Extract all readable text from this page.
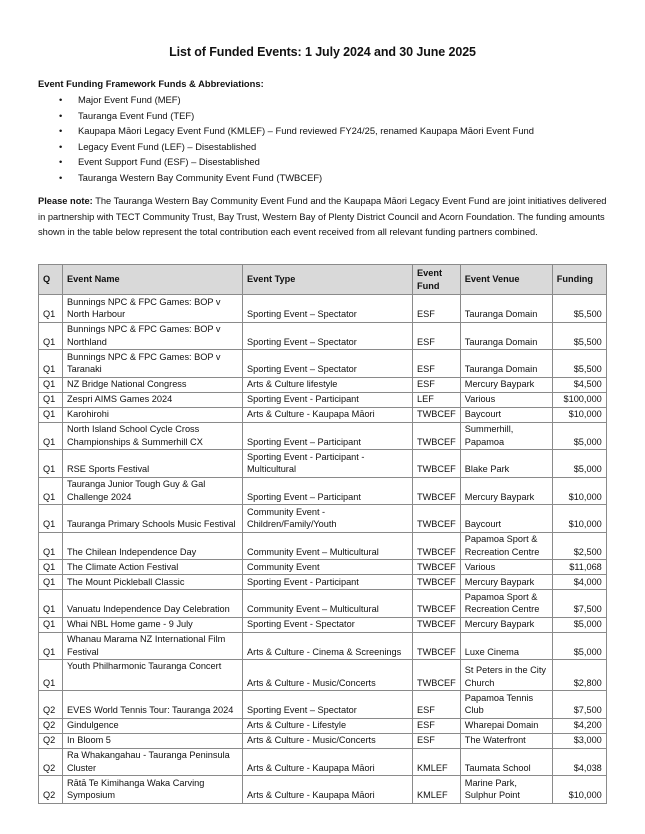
List of Funded Events: 1 July 2024 and 30 June 2025
Event Funding Framework Funds & Abbreviations:
• Major Event Fund (MEF)
• Tauranga Event Fund (TEF)
• Kaupapa Māori Legacy Event Fund (KMLEF) – Fund reviewed FY24/25, renamed Kaupapa Māori Event Fund
• Legacy Event Fund (LEF) – Disestablished
• Event Support Fund (ESF) – Disestablished
• Tauranga Western Bay Community Event Fund (TWBCEF)
Please note: The Tauranga Western Bay Community Event Fund and the Kaupapa Māori Legacy Event Fund are joint initiatives delivered in partnership with TECT Community Trust, Bay Trust, Western Bay of Plenty District Council and Acorn Foundation. The funding amounts shown in the table below represent the total contribution each event received from all relevant funding partners combined.
Q	Event Name	Event Type	Event Fund	Event Venue	Funding
Q1	Bunnings NPC & FPC Games: BOP v North Harbour	Sporting Event – Spectator	ESF	Tauranga Domain	$5,500
Q1	Bunnings NPC & FPC Games: BOP v Northland	Sporting Event – Spectator	ESF	Tauranga Domain	$5,500
Q1	Bunnings NPC & FPC Games: BOP v Taranaki	Sporting Event – Spectator	ESF	Tauranga Domain	$5,500
Q1	NZ Bridge National Congress	Arts & Culture lifestyle	ESF	Mercury Baypark	$4,500
Q1	Zespri AIMS Games 2024	Sporting Event - Participant	LEF	Various	$100,000
Q1	Karohirohi	Arts & Culture - Kaupapa Māori	TWBCEF	Baycourt	$10,000
Q1	North Island School Cycle Cross Championships & Summerhill CX	Sporting Event – Participant	TWBCEF	Summerhill, Papamoa	$5,000
Q1	RSE Sports Festival	Sporting Event - Participant - Multicultural	TWBCEF	Blake Park	$5,000
Q1	Tauranga Junior Tough Guy & Gal Challenge 2024	Sporting Event – Participant	TWBCEF	Mercury Baypark	$10,000
Q1	Tauranga Primary Schools Music Festival	Community Event - Children/Family/Youth	TWBCEF	Baycourt	$10,000
Q1	The Chilean Independence Day	Community Event – Multicultural	TWBCEF	Papamoa Sport & Recreation Centre	$2,500
Q1	The Climate Action Festival	Community Event	TWBCEF	Various	$11,068
Q1	The Mount Pickleball Classic	Sporting Event - Participant	TWBCEF	Mercury Baypark	$4,000
Q1	Vanuatu Independence Day Celebration	Community Event – Multicultural	TWBCEF	Papamoa Sport & Recreation Centre	$7,500
Q1	Whai NBL Home game - 9 July	Sporting Event - Spectator	TWBCEF	Mercury Baypark	$5,000
Q1	Whanau Marama NZ International Film Festival	Arts & Culture - Cinema & Screenings	TWBCEF	Luxe Cinema	$5,000
Q1	Youth Philharmonic Tauranga Concert	Arts & Culture - Music/Concerts	TWBCEF	St Peters in the City Church	$2,800
Q2	EVES World Tennis Tour: Tauranga 2024	Sporting Event – Spectator	ESF	Papamoa Tennis Club	$7,500
Q2	Gindulgence	Arts & Culture - Lifestyle	ESF	Wharepai Domain	$4,200
Q2	In Bloom 5	Arts & Culture - Music/Concerts	ESF	The Waterfront	$3,000
Q2	Ra Whakangahau - Tauranga Peninsula Cluster	Arts & Culture - Kaupapa Māori	KMLEF	Taumata School	$4,038
Q2	Rātā Te Kimihanga Waka Carving Symposium	Arts & Culture - Kaupapa Māori	KMLEF	Marine Park, Sulphur Point	$10,000
